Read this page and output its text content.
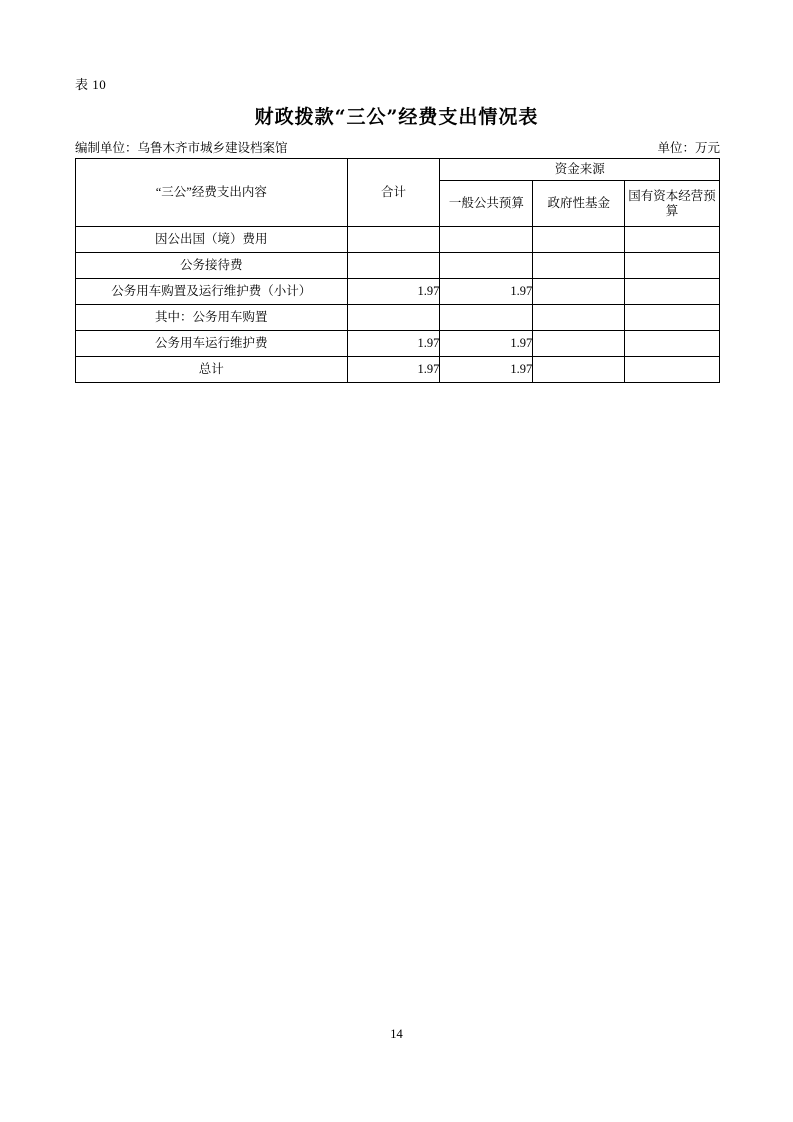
表 10
财政拨款“三公”经费支出情况表
编制单位：乌鲁木齐市城乡建设档案馆	单位：万元
“三公”经费支出内容	合计	资金来源		
		一般公共预算	政府性基金	国有资本经营预算
因公出国（境）费用				
公务接待费				
公务用车购置及运行维护费（小计）	1.97	1.97		
其中：公务用车购置				
公务用车运行维护费	1.97	1.97		
总计	1.97	1.97		
14
